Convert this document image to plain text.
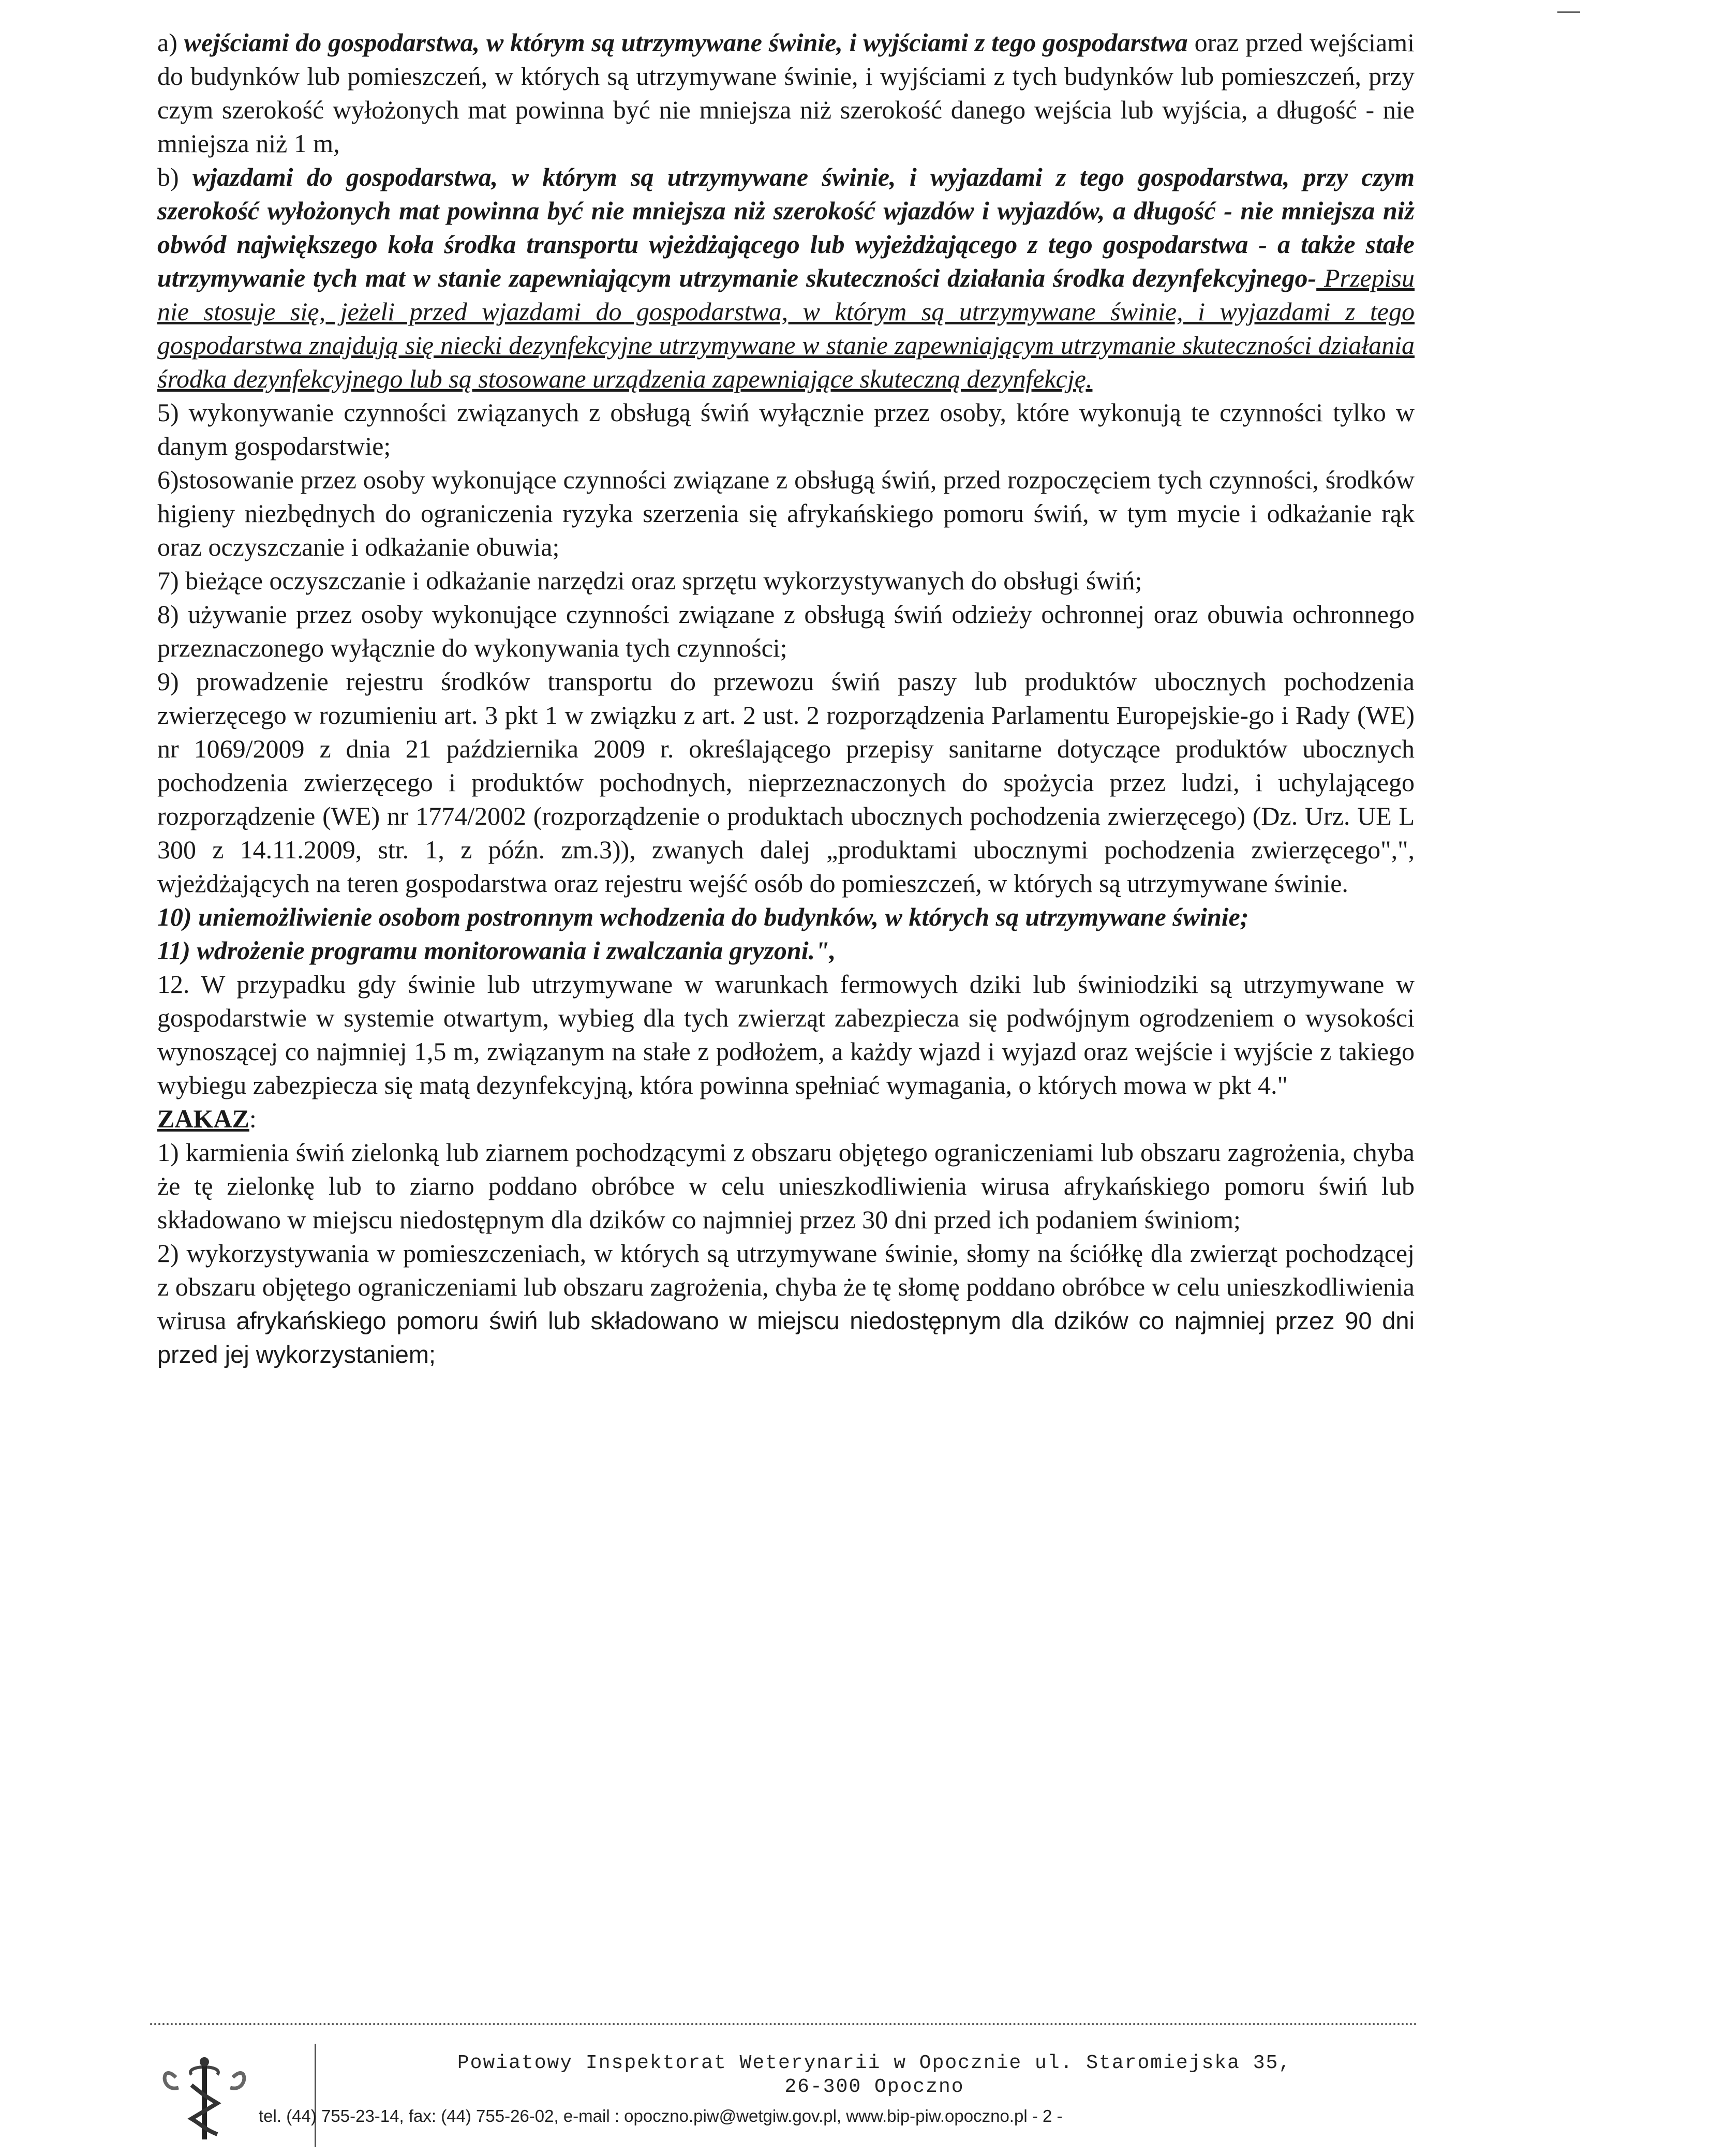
a) wejściami do gospodarstwa, w którym są utrzymywane świnie, i wyjściami z tego gospodarstwa oraz przed wejściami do budynków lub pomieszczeń, w których są utrzymywane świnie, i wyjściami z tych budynków lub pomieszczeń, przy czym szerokość wyłożonych mat powinna być nie mniejsza niż szerokość danego wejścia lub wyjścia, a długość - nie mniejsza niż 1 m,

b) wjazdami do gospodarstwa, w którym są utrzymywane świnie, i wyjazdami z tego gospodarstwa, przy czym szerokość wyłożonych mat powinna być nie mniejsza niż szerokość wjazdów i wyjazdów, a długość - nie mniejsza niż obwód największego koła środka transportu wjeżdżającego lub wyjeżdżającego z tego gospodarstwa - a także stałe utrzymywanie tych mat w stanie zapewniającym utrzymanie skuteczności działania środka dezynfekcyjnego- Przepisu nie stosuje się, jeżeli przed wjazdami do gospodarstwa, w którym są utrzymywane świnie, i wyjazdami z tego gospodarstwa znajdują się niecki dezynfekcyjne utrzymywane w stanie zapewniającym utrzymanie skuteczności działania środka dezynfekcyjnego lub są stosowane urządzenia zapewniające skuteczną dezynfekcję.

5) wykonywanie czynności związanych z obsługą świń wyłącznie przez osoby, które wykonują te czynności tylko w danym gospodarstwie;

6)stosowanie przez osoby wykonujące czynności związane z obsługą świń, przed rozpoczęciem tych czynności, środków higieny niezbędnych do ograniczenia ryzyka szerzenia się afrykańskiego pomoru świń, w tym mycie i odkażanie rąk oraz oczyszczanie i odkażanie obuwia;

7) bieżące oczyszczanie i odkażanie narzędzi oraz sprzętu wykorzystywanych do obsługi świń;

8) używanie przez osoby wykonujące czynności związane z obsługą świń odzieży ochronnej oraz obuwia ochronnego przeznaczonego wyłącznie do wykonywania tych czynności;

9) prowadzenie rejestru środków transportu do przewozu świń paszy lub produktów ubocznych pochodzenia zwierzęcego w rozumieniu art. 3 pkt 1 w związku z art. 2 ust. 2 rozporządzenia Parlamentu Europejskie-go i Rady (WE) nr 1069/2009 z dnia 21 października 2009 r. określającego przepisy sanitarne dotyczące produktów ubocznych pochodzenia zwierzęcego i produktów pochodnych, nieprzeznaczonych do spożycia przez ludzi, i uchylającego rozporządzenie (WE) nr 1774/2002 (rozporządzenie o produktach ubocznych pochodzenia zwierzęcego) (Dz. Urz. UE L 300 z 14.11.2009, str. 1, z późn. zm.3)), zwanych dalej „produktami ubocznymi pochodzenia zwierzęcego",", wjeżdżających na teren gospodarstwa oraz rejestru wejść osób do pomieszczeń, w których są utrzymywane świnie.

10) uniemożliwienie osobom postronnym wchodzenia do budynków, w których są utrzymywane świnie;

11) wdrożenie programu monitorowania i zwalczania gryzoni.",

12. W przypadku gdy świnie lub utrzymywane w warunkach fermowych dziki lub świniodziki są utrzymywane w gospodarstwie w systemie otwartym, wybieg dla tych zwierząt zabezpiecza się podwójnym ogrodzeniem o wysokości wynoszącej co najmniej 1,5 m, związanym na stałe z podłożem, a każdy wjazd i wyjazd oraz wejście i wyjście z takiego wybiegu zabezpiecza się matą dezynfekcyjną, która powinna spełniać wymagania, o których mowa w pkt 4."

ZAKAZ:

1) karmienia świń zielonką lub ziarnem pochodzącymi z obszaru objętego ograniczeniami lub obszaru zagrożenia, chyba że tę zielonkę lub to ziarno poddano obróbce w celu unieszkodliwienia wirusa afrykańskiego pomoru świń lub składowano w miejscu niedostępnym dla dzików co najmniej przez 30 dni przed ich podaniem świniom;

2) wykorzystywania w pomieszczeniach, w których są utrzymywane świnie, słomy na ściółkę dla zwierząt pochodzącej z obszaru objętego ograniczeniami lub obszaru zagrożenia, chyba że tę słomę poddano obróbce w celu unieszkodliwienia wirusa afrykańskiego pomoru świń lub składowano w miejscu niedostępnym dla dzików co najmniej przez 90 dni przed jej wykorzystaniem;

Powiatowy Inspektorat Weterynarii w Opocznie ul. Staromiejska 35,
26-300 Opoczno
tel. (44) 755-23-14, fax: (44) 755-26-02, e-mail : opoczno.piw@wetgiw.gov.pl, www.bip-piw.opoczno.pl - 2 -
